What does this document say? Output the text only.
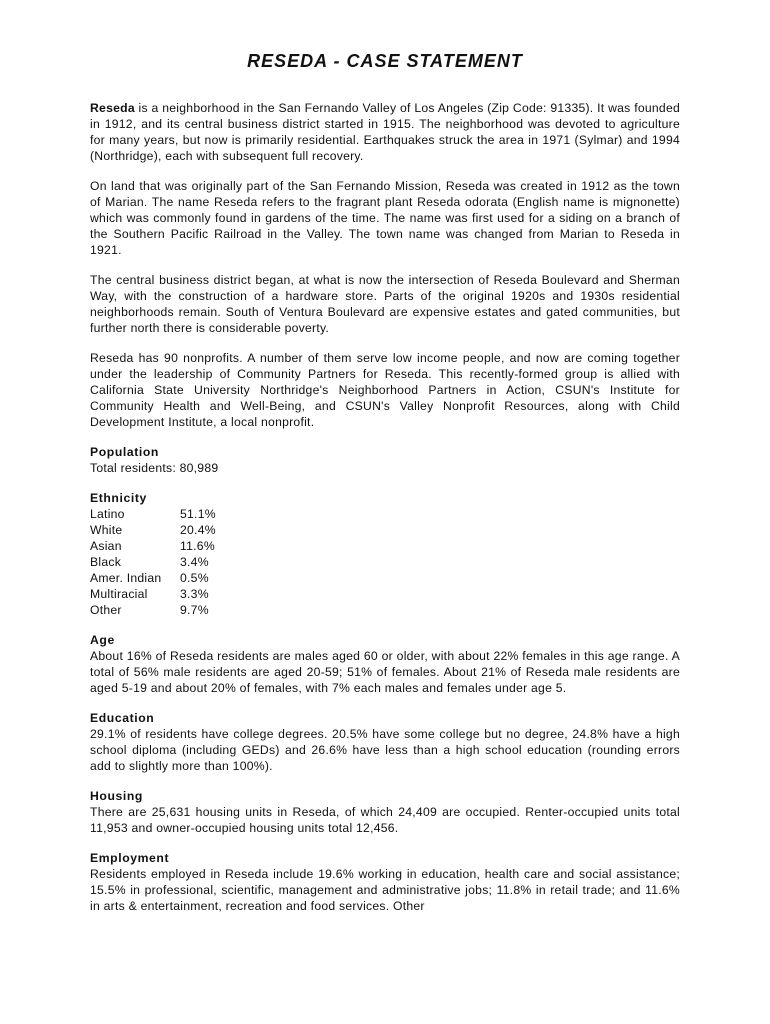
RESEDA - CASE STATEMENT

Reseda is a neighborhood in the San Fernando Valley of Los Angeles (Zip Code: 91335). It was founded in 1912, and its central business district started in 1915. The neighborhood was devoted to agriculture for many years, but now is primarily residential. Earthquakes struck the area in 1971 (Sylmar) and 1994 (Northridge), each with subsequent full recovery.

On land that was originally part of the San Fernando Mission, Reseda was created in 1912 as the town of Marian. The name Reseda refers to the fragrant plant Reseda odorata (English name is mignonette) which was commonly found in gardens of the time. The name was first used for a siding on a branch of the Southern Pacific Railroad in the Valley. The town name was changed from Marian to Reseda in 1921.

The central business district began, at what is now the intersection of Reseda Boulevard and Sherman Way, with the construction of a hardware store. Parts of the original 1920s and 1930s residential neighborhoods remain. South of Ventura Boulevard are expensive estates and gated communities, but further north there is considerable poverty.

Reseda has 90 nonprofits. A number of them serve low income people, and now are coming together under the leadership of Community Partners for Reseda. This recently-formed group is allied with California State University Northridge's Neighborhood Partners in Action, CSUN's Institute for Community Health and Well-Being, and CSUN's Valley Nonprofit Resources, along with Child Development Institute, a local nonprofit.

Population
Total residents: 80,989
Ethnicity
Latino	51.1%
White	20.4%
Asian	11.6%
Black	3.4%
Amer. Indian	0.5%
Multiracial	3.3%
Other	9.7%
Age
About 16% of Reseda residents are males aged 60 or older, with about 22% females in this age range. A total of 56% male residents are aged 20-59; 51% of females. About 21% of Reseda male residents are aged 5-19 and about 20% of females, with 7% each males and females under age 5.
Education
29.1% of residents have college degrees. 20.5% have some college but no degree, 24.8% have a high school diploma (including GEDs) and 26.6% have less than a high school education (rounding errors add to slightly more than 100%).
Housing
There are 25,631 housing units in Reseda, of which 24,409 are occupied. Renter-occupied units total 11,953 and owner-occupied housing units total 12,456.
Employment
Residents employed in Reseda include 19.6% working in education, health care and social assistance; 15.5% in professional, scientific, management and administrative jobs; 11.8% in retail trade; and 11.6% in arts & entertainment, recreation and food services. Other
